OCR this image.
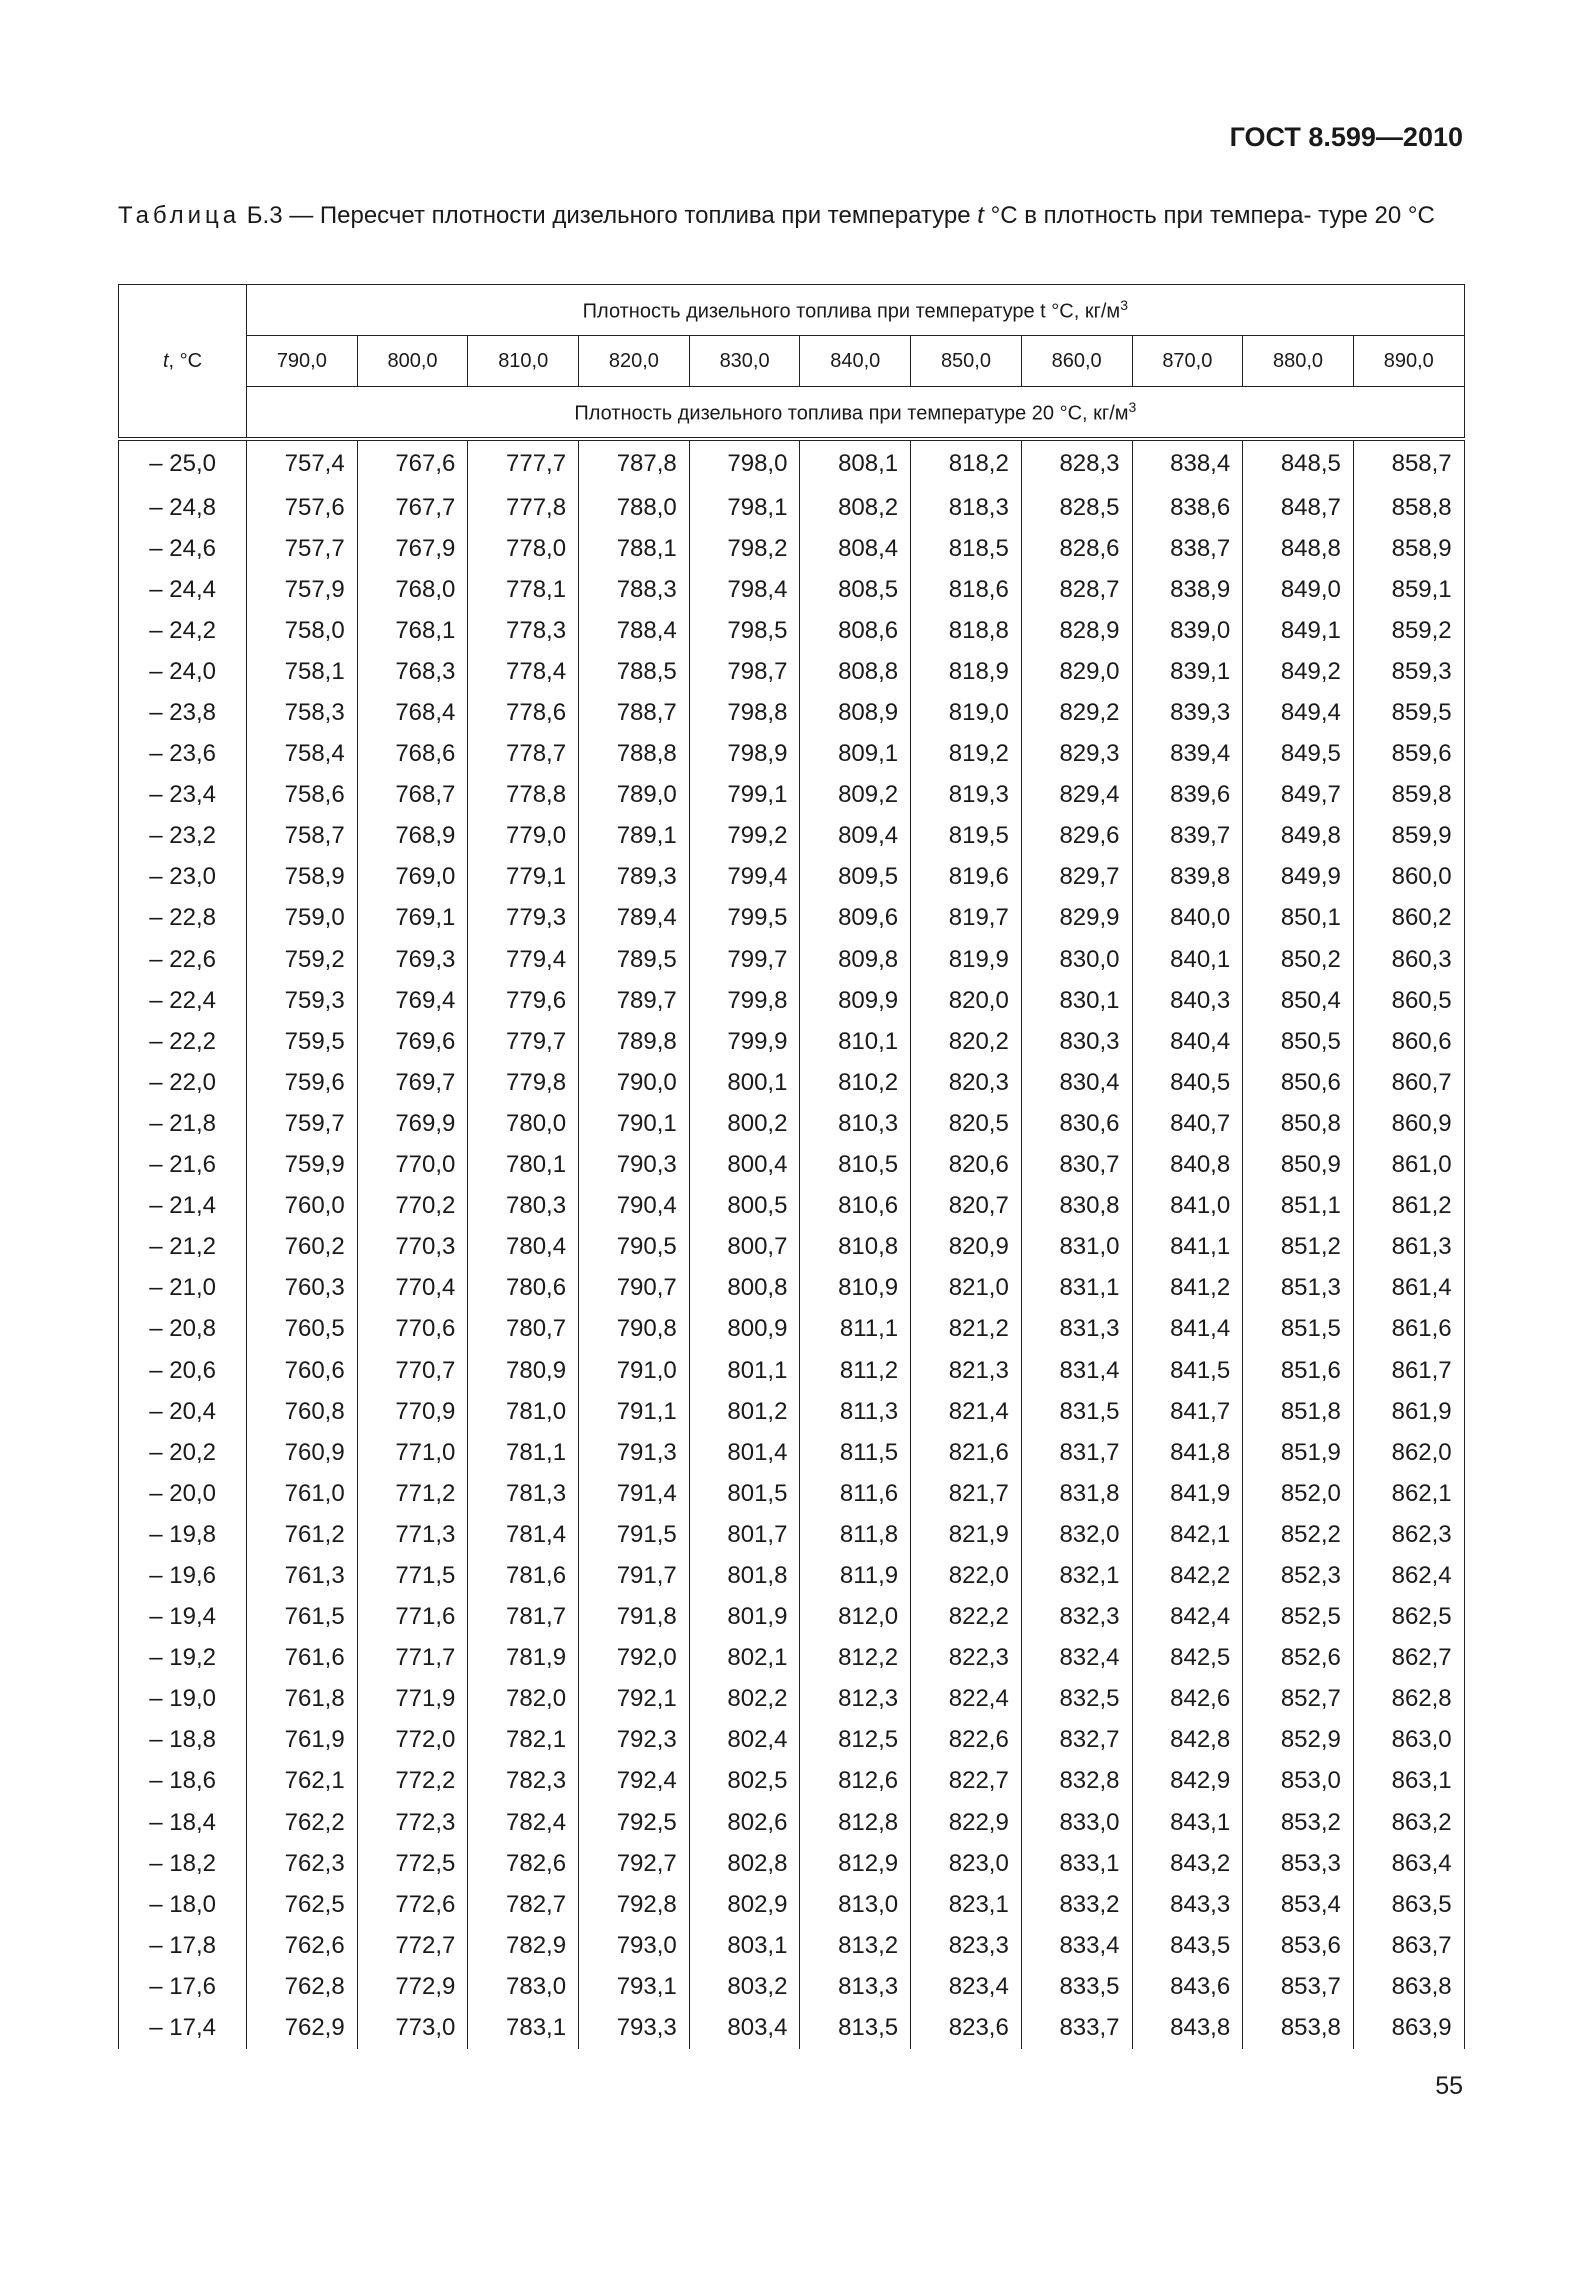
ГОСТ 8.599—2010
Таблица Б.3 — Пересчет плотности дизельного топлива при температуре t °С в плотность при темпера- туре 20 °С
t, °С	Плотность дизельного топлива при температуре t °С, $кг/м^3$
	790,0	800,0	810,0	820,0	830,0	840,0	850,0	860,0	870,0	880,0	890,0
	Плотность дизельного топлива при температуре 20 °С, $кг/м^3$
– 25,0	757,4	767,6	777,7	787,8	798,0	808,1	818,2	828,3	838,4	848,5	858,7
– 24,8	757,6	767,7	777,8	788,0	798,1	808,2	818,3	828,5	838,6	848,7	858,8
– 24,6	757,7	767,9	778,0	788,1	798,2	808,4	818,5	828,6	838,7	848,8	858,9
– 24,4	757,9	768,0	778,1	788,3	798,4	808,5	818,6	828,7	838,9	849,0	859,1
– 24,2	758,0	768,1	778,3	788,4	798,5	808,6	818,8	828,9	839,0	849,1	859,2
– 24,0	758,1	768,3	778,4	788,5	798,7	808,8	818,9	829,0	839,1	849,2	859,3
– 23,8	758,3	768,4	778,6	788,7	798,8	808,9	819,0	829,2	839,3	849,4	859,5
– 23,6	758,4	768,6	778,7	788,8	798,9	809,1	819,2	829,3	839,4	849,5	859,6
– 23,4	758,6	768,7	778,8	789,0	799,1	809,2	819,3	829,4	839,6	849,7	859,8
– 23,2	758,7	768,9	779,0	789,1	799,2	809,4	819,5	829,6	839,7	849,8	859,9
– 23,0	758,9	769,0	779,1	789,3	799,4	809,5	819,6	829,7	839,8	849,9	860,0
– 22,8	759,0	769,1	779,3	789,4	799,5	809,6	819,7	829,9	840,0	850,1	860,2
– 22,6	759,2	769,3	779,4	789,5	799,7	809,8	819,9	830,0	840,1	850,2	860,3
– 22,4	759,3	769,4	779,6	789,7	799,8	809,9	820,0	830,1	840,3	850,4	860,5
– 22,2	759,5	769,6	779,7	789,8	799,9	810,1	820,2	830,3	840,4	850,5	860,6
– 22,0	759,6	769,7	779,8	790,0	800,1	810,2	820,3	830,4	840,5	850,6	860,7
– 21,8	759,7	769,9	780,0	790,1	800,2	810,3	820,5	830,6	840,7	850,8	860,9
– 21,6	759,9	770,0	780,1	790,3	800,4	810,5	820,6	830,7	840,8	850,9	861,0
– 21,4	760,0	770,2	780,3	790,4	800,5	810,6	820,7	830,8	841,0	851,1	861,2
– 21,2	760,2	770,3	780,4	790,5	800,7	810,8	820,9	831,0	841,1	851,2	861,3
– 21,0	760,3	770,4	780,6	790,7	800,8	810,9	821,0	831,1	841,2	851,3	861,4
– 20,8	760,5	770,6	780,7	790,8	800,9	811,1	821,2	831,3	841,4	851,5	861,6
– 20,6	760,6	770,7	780,9	791,0	801,1	811,2	821,3	831,4	841,5	851,6	861,7
– 20,4	760,8	770,9	781,0	791,1	801,2	811,3	821,4	831,5	841,7	851,8	861,9
– 20,2	760,9	771,0	781,1	791,3	801,4	811,5	821,6	831,7	841,8	851,9	862,0
– 20,0	761,0	771,2	781,3	791,4	801,5	811,6	821,7	831,8	841,9	852,0	862,1
– 19,8	761,2	771,3	781,4	791,5	801,7	811,8	821,9	832,0	842,1	852,2	862,3
– 19,6	761,3	771,5	781,6	791,7	801,8	811,9	822,0	832,1	842,2	852,3	862,4
– 19,4	761,5	771,6	781,7	791,8	801,9	812,0	822,2	832,3	842,4	852,5	862,5
– 19,2	761,6	771,7	781,9	792,0	802,1	812,2	822,3	832,4	842,5	852,6	862,7
– 19,0	761,8	771,9	782,0	792,1	802,2	812,3	822,4	832,5	842,6	852,7	862,8
– 18,8	761,9	772,0	782,1	792,3	802,4	812,5	822,6	832,7	842,8	852,9	863,0
– 18,6	762,1	772,2	782,3	792,4	802,5	812,6	822,7	832,8	842,9	853,0	863,1
– 18,4	762,2	772,3	782,4	792,5	802,6	812,8	822,9	833,0	843,1	853,2	863,2
– 18,2	762,3	772,5	782,6	792,7	802,8	812,9	823,0	833,1	843,2	853,3	863,4
– 18,0	762,5	772,6	782,7	792,8	802,9	813,0	823,1	833,2	843,3	853,4	863,5
– 17,8	762,6	772,7	782,9	793,0	803,1	813,2	823,3	833,4	843,5	853,6	863,7
– 17,6	762,8	772,9	783,0	793,1	803,2	813,3	823,4	833,5	843,6	853,7	863,8
– 17,4	762,9	773,0	783,1	793,3	803,4	813,5	823,6	833,7	843,8	853,8	863,9
55
